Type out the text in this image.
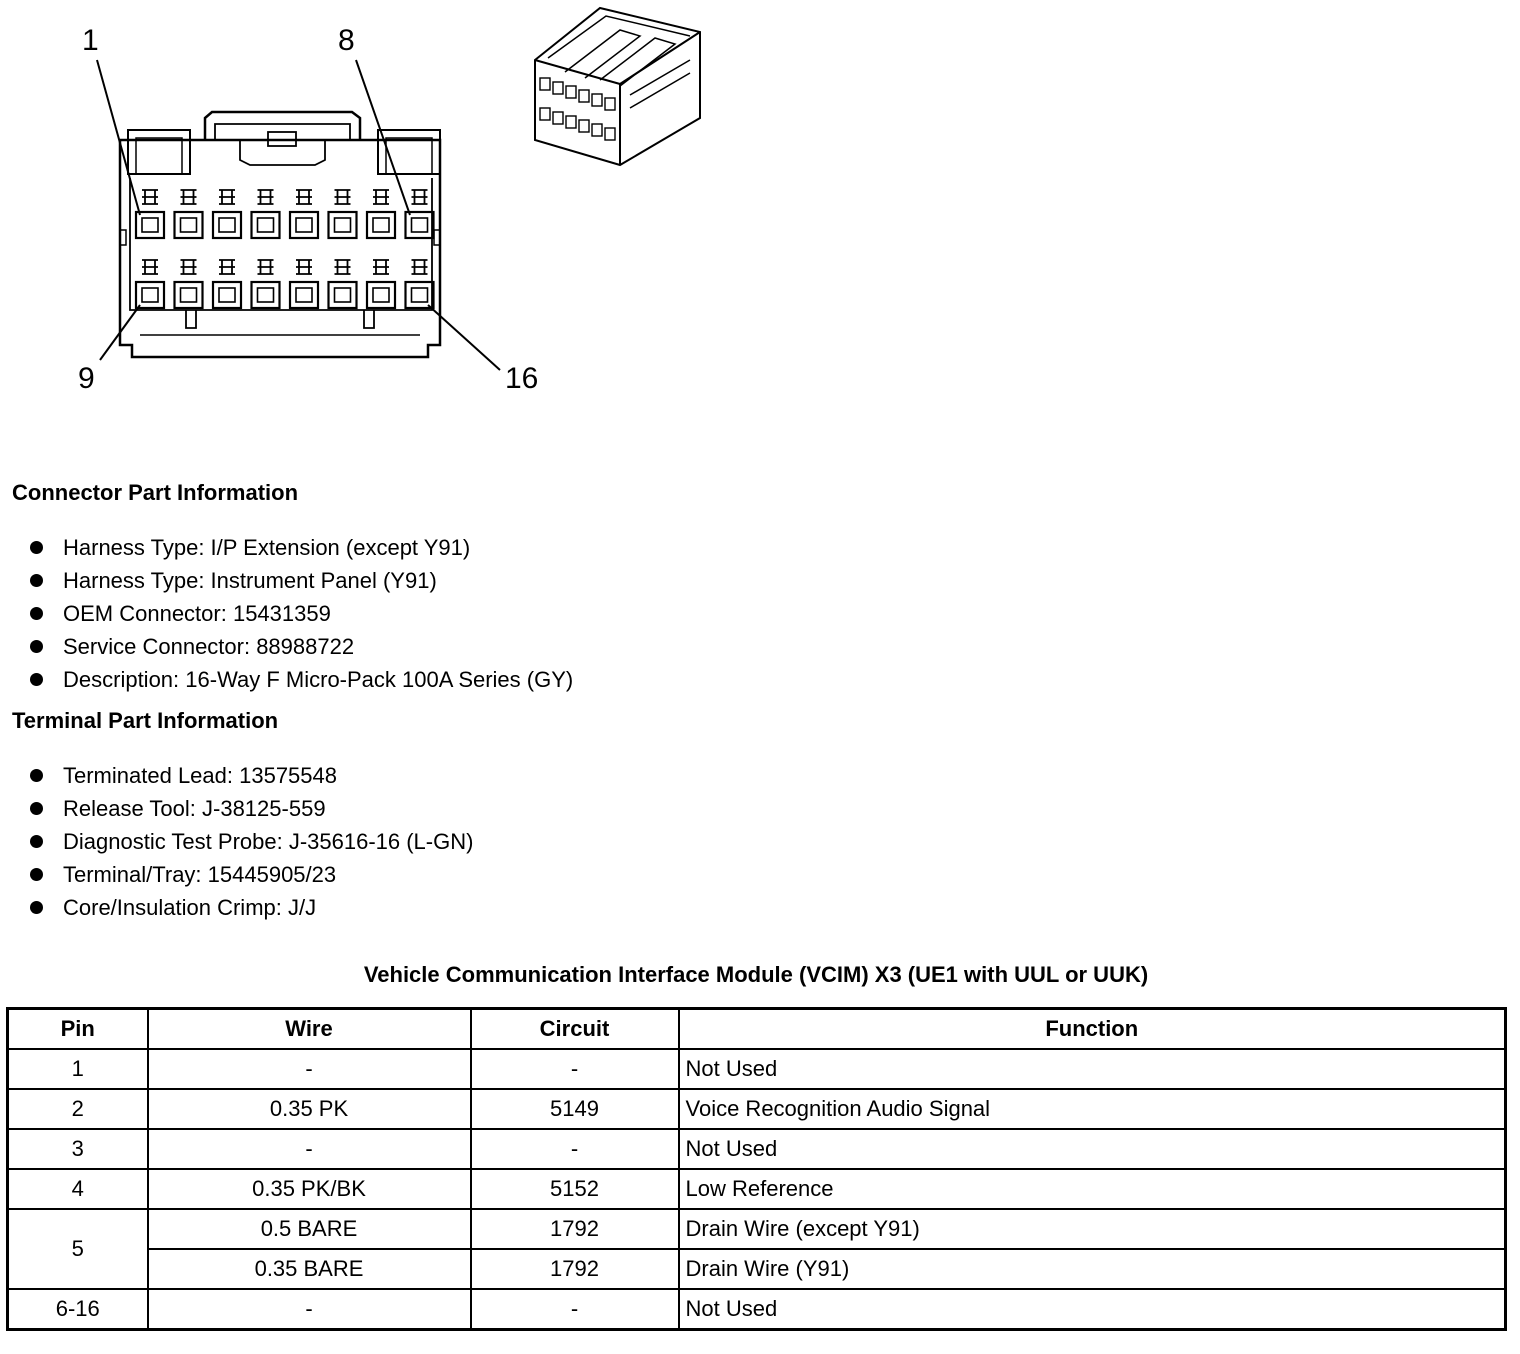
1	8
9	16
Connector Part Information
Harness Type: I/P Extension (except Y91)
Harness Type: Instrument Panel (Y91)
OEM Connector: 15431359
Service Connector: 88988722
Description: 16-Way F Micro-Pack 100A Series (GY)
Terminal Part Information
Terminated Lead: 13575548
Release Tool: J-38125-559
Diagnostic Test Probe: J-35616-16 (L-GN)
Terminal/Tray: 15445905/23
Core/Insulation Crimp: J/J
Vehicle Communication Interface Module (VCIM) X3 (UE1 with UUL or UUK)
Pin	Wire	Circuit	Function
1	-	-	Not Used
2	0.35 PK	5149	Voice Recognition Audio Signal
3	-	-	Not Used
4	0.35 PK/BK	5152	Low Reference
5	0.5 BARE	1792	Drain Wire (except Y91)
	0.35 BARE	1792	Drain Wire (Y91)
6-16	-	-	Not Used
